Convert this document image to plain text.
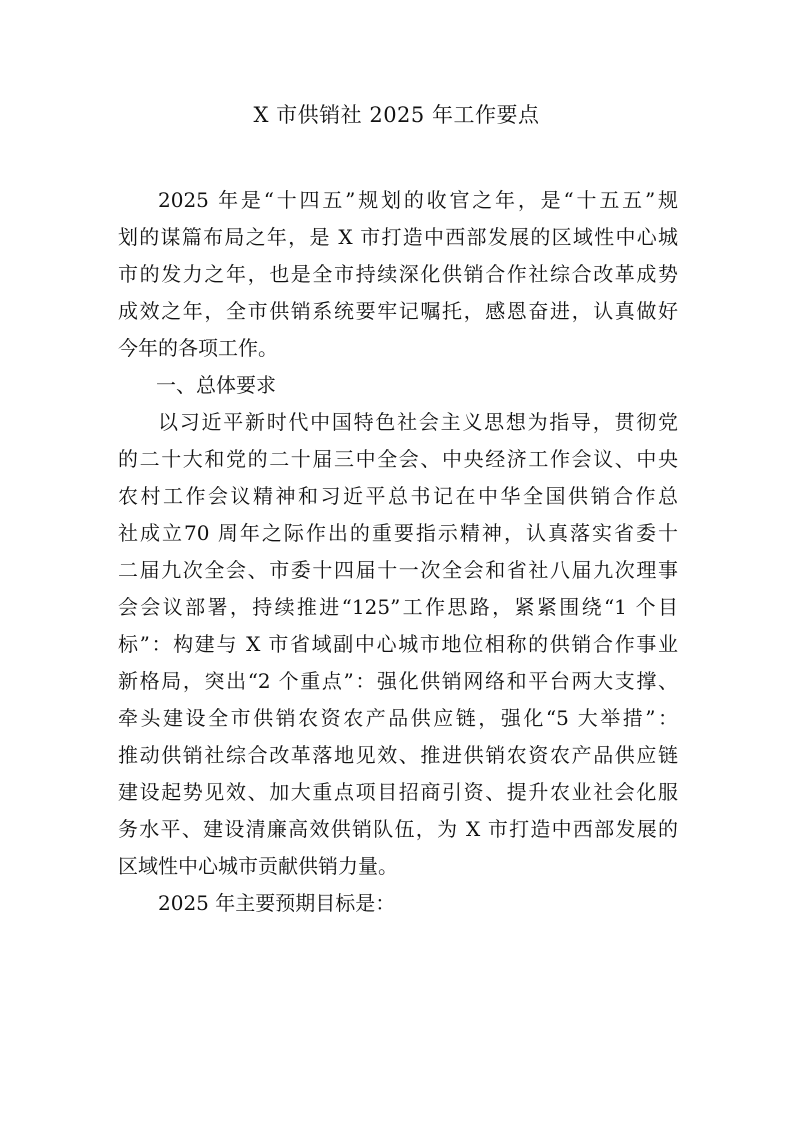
X 市供销社 2025 年工作要点
2025 年是“十四五”规划的收官之年，是“十五五”规
划的谋篇布局之年，是 X 市打造中西部发展的区域性中心城
市的发力之年，也是全市持续深化供销合作社综合改革成势
成效之年，全市供销系统要牢记嘱托，感恩奋进，认真做好
今年的各项工作。
一、总体要求
以习近平新时代中国特色社会主义思想为指导，贯彻党
的二十大和党的二十届三中全会、中央经济工作会议、中央
农村工作会议精神和习近平总书记在中华全国供销合作总
社成立70 周年之际作出的重要指示精神，认真落实省委十
二届九次全会、市委十四届十一次全会和省社八届九次理事
会会议部署，持续推进“125”工作思路，紧紧围绕“1 个目
标”：构建与 X 市省域副中心城市地位相称的供销合作事业
新格局，突出“2 个重点”：强化供销网络和平台两大支撑、
牵头建设全市供销农资农产品供应链，强化“5 大举措”：
推动供销社综合改革落地见效、推进供销农资农产品供应链
建设起势见效、加大重点项目招商引资、提升农业社会化服
务水平、建设清廉高效供销队伍，为 X 市打造中西部发展的
区域性中心城市贡献供销力量。
2025 年主要预期目标是：
